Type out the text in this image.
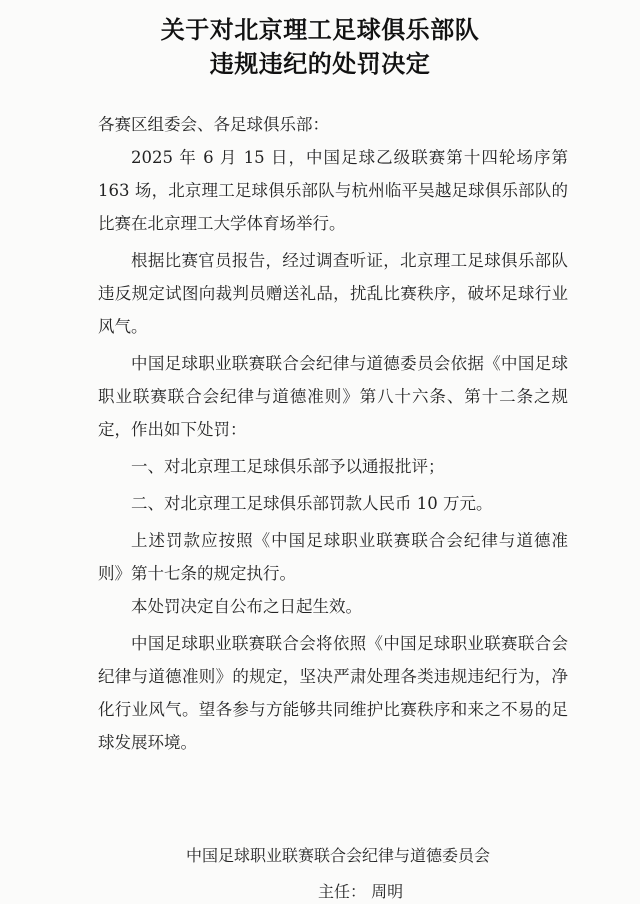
关于对北京理工足球俱乐部队
违规违纪的处罚决定

各赛区组委会、各足球俱乐部：

2025 年 6 月 15 日，中国足球乙级联赛第十四轮场序第 163 场，北京理工足球俱乐部队与杭州临平吴越足球俱乐部队的比赛在北京理工大学体育场举行。

根据比赛官员报告，经过调查听证，北京理工足球俱乐部队违反规定试图向裁判员赠送礼品，扰乱比赛秩序，破坏足球行业风气。

中国足球职业联赛联合会纪律与道德委员会依据《中国足球职业联赛联合会纪律与道德准则》第八十六条、第十二条之规定，作出如下处罚：

一、对北京理工足球俱乐部予以通报批评；

二、对北京理工足球俱乐部罚款人民币 10 万元。

上述罚款应按照《中国足球职业联赛联合会纪律与道德准则》第十七条的规定执行。

本处罚决定自公布之日起生效。

中国足球职业联赛联合会将依照《中国足球职业联赛联合会纪律与道德准则》的规定，坚决严肃处理各类违规违纪行为，净化行业风气。望各参与方能够共同维护比赛秩序和来之不易的足球发展环境。

中国足球职业联赛联合会纪律与道德委员会
主任： 周明
